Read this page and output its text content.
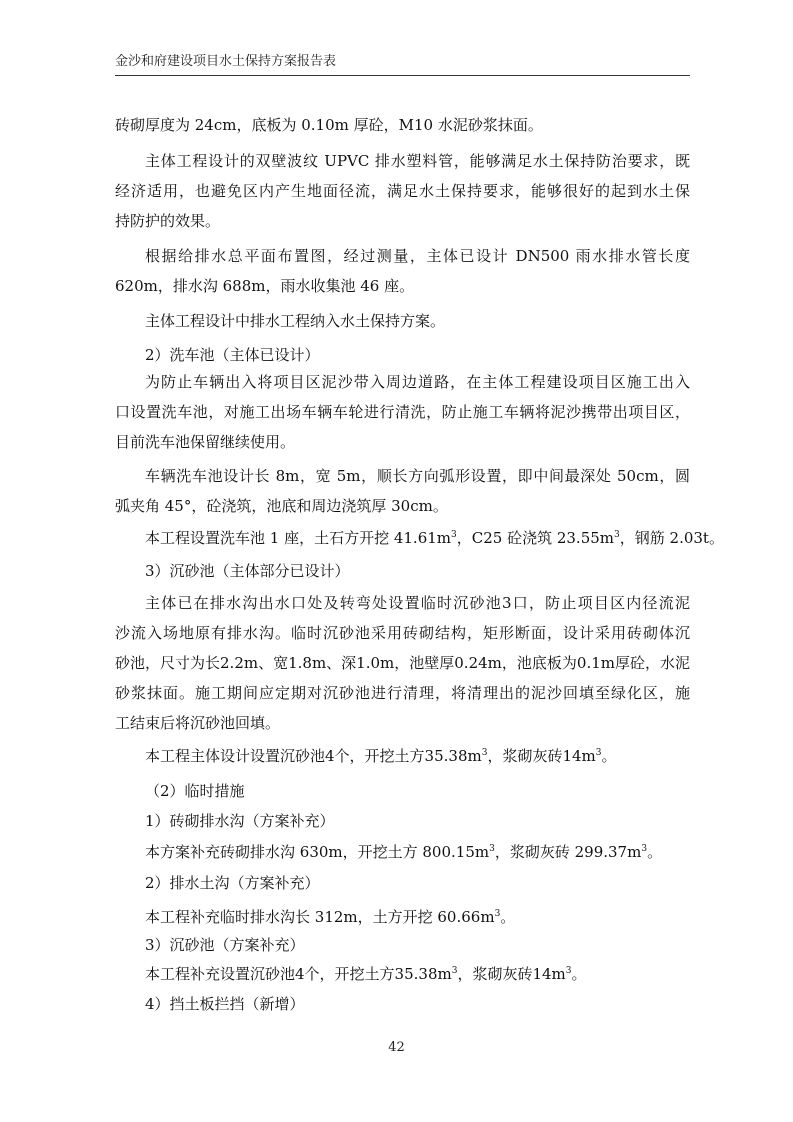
金沙和府建设项目水土保持方案报告表
砖砌厚度为 24cm，底板为 0.10m 厚砼，M10 水泥砂浆抹面。
主体工程设计的双壁波纹 UPVC 排水塑料管，能够满足水土保持防治要求，既
经济适用，也避免区内产生地面径流，满足水土保持要求，能够很好的起到水土保
持防护的效果。
根据给排水总平面布置图，经过测量，主体已设计 DN500 雨水排水管长度
620m，排水沟 688m，雨水收集池 46 座。
主体工程设计中排水工程纳入水土保持方案。
2）洗车池（主体已设计）
为防止车辆出入将项目区泥沙带入周边道路，在主体工程建设项目区施工出入
口设置洗车池，对施工出场车辆车轮进行清洗，防止施工车辆将泥沙携带出项目区，
目前洗车池保留继续使用。
车辆洗车池设计长 8m，宽 5m，顺长方向弧形设置，即中间最深处 50cm，圆
弧夹角 45°，砼浇筑，池底和周边浇筑厚 30cm。
本工程设置洗车池 1 座，土石方开挖 $41.61m^3$，C25 砼浇筑 $23.55m^3$，钢筋 2.03t。
3）沉砂池（主体部分已设计）
主体已在排水沟出水口处及转弯处设置临时沉砂池3口，防止项目区内径流泥
沙流入场地原有排水沟。临时沉砂池采用砖砌结构，矩形断面，设计采用砖砌体沉
砂池，尺寸为长2.2m、宽1.8m、深1.0m，池壁厚0.24m，池底板为0.1m厚砼，水泥
砂浆抹面。施工期间应定期对沉砂池进行清理，将清理出的泥沙回填至绿化区，施
工结束后将沉砂池回填。
本工程主体设计设置沉砂池4个，开挖土方$35.38m^3$，浆砌灰砖$14m^3$。
（2）临时措施
1）砖砌排水沟（方案补充）
本方案补充砖砌排水沟 630m，开挖土方 $800.15m^3$，浆砌灰砖 $299.37m^3$。
2）排水土沟（方案补充）
本工程补充临时排水沟长 312m，土方开挖 $60.66m^3$。
3）沉砂池（方案补充）
本工程补充设置沉砂池4个，开挖土方$35.38m^3$，浆砌灰砖$14m^3$。
4）挡土板拦挡（新增）
42
